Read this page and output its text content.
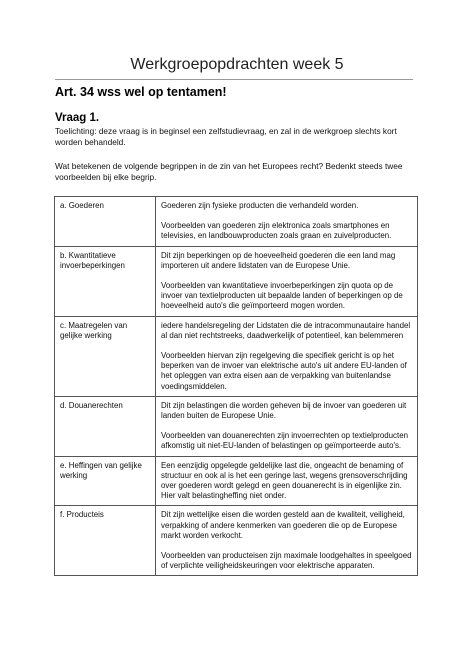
Werkgroepopdrachten week 5
Art. 34 wss wel op tentamen!
Vraag 1.
Toelichting: deze vraag is in beginsel een zelfstudievraag, en zal in de werkgroep slechts kort worden behandeld.
Wat betekenen de volgende begrippen in de zin van het Europees recht? Bedenkt steeds twee voorbeelden bij elke begrip.
a. Goederen	Goederen zijn fysieke producten die verhandeld worden.

Voorbeelden van goederen zijn elektronica zoals smartphones en televisies, en landbouwproducten zoals graan en zuivelproducten.

b. Kwantitatieve invoerbeperkingen	Dit zijn beperkingen op de hoeveelheid goederen die een land mag importeren uit andere lidstaten van de Europese Unie.

Voorbeelden van kwantitatieve invoerbeperkingen zijn quota op de invoer van textielproducten uit bepaalde landen of beperkingen op de hoeveelheid auto's die geïmporteerd mogen worden.

c. Maatregelen van gelijke werking	iedere handelsregeling der Lidstaten die de intracommunautaire handel al dan niet rechtstreeks, daadwerkelijk of potentieel, kan belemmeren

Voorbeelden hiervan zijn regelgeving die specifiek gericht is op het beperken van de invoer van elektrische auto's uit andere EU-landen of het opleggen van extra eisen aan de verpakking van buitenlandse voedingsmiddelen.

d. Douanerechten	Dit zijn belastingen die worden geheven bij de invoer van goederen uit landen buiten de Europese Unie.

Voorbeelden van douanerechten zijn invoerrechten op textielproducten afkomstig uit niet-EU-landen of belastingen op geïmporteerde auto's.

e. Heffingen van gelijke werking	Een eenzijdig opgelegde geldelijke last die, ongeacht de benaming of structuur en ook al is het een geringe last, wegens grensoverschrijding over goederen wordt gelegd en geen douanerecht is in eigenlijke zin. Hier valt belastingheffing niet onder.

f. Producteis	Dit zijn wettelijke eisen die worden gesteld aan de kwaliteit, veiligheid, verpakking of andere kenmerken van goederen die op de Europese markt worden verkocht.

Voorbeelden van producteisen zijn maximale loodgehaltes in speelgoed of verplichte veiligheidskeuringen voor elektrische apparaten.
